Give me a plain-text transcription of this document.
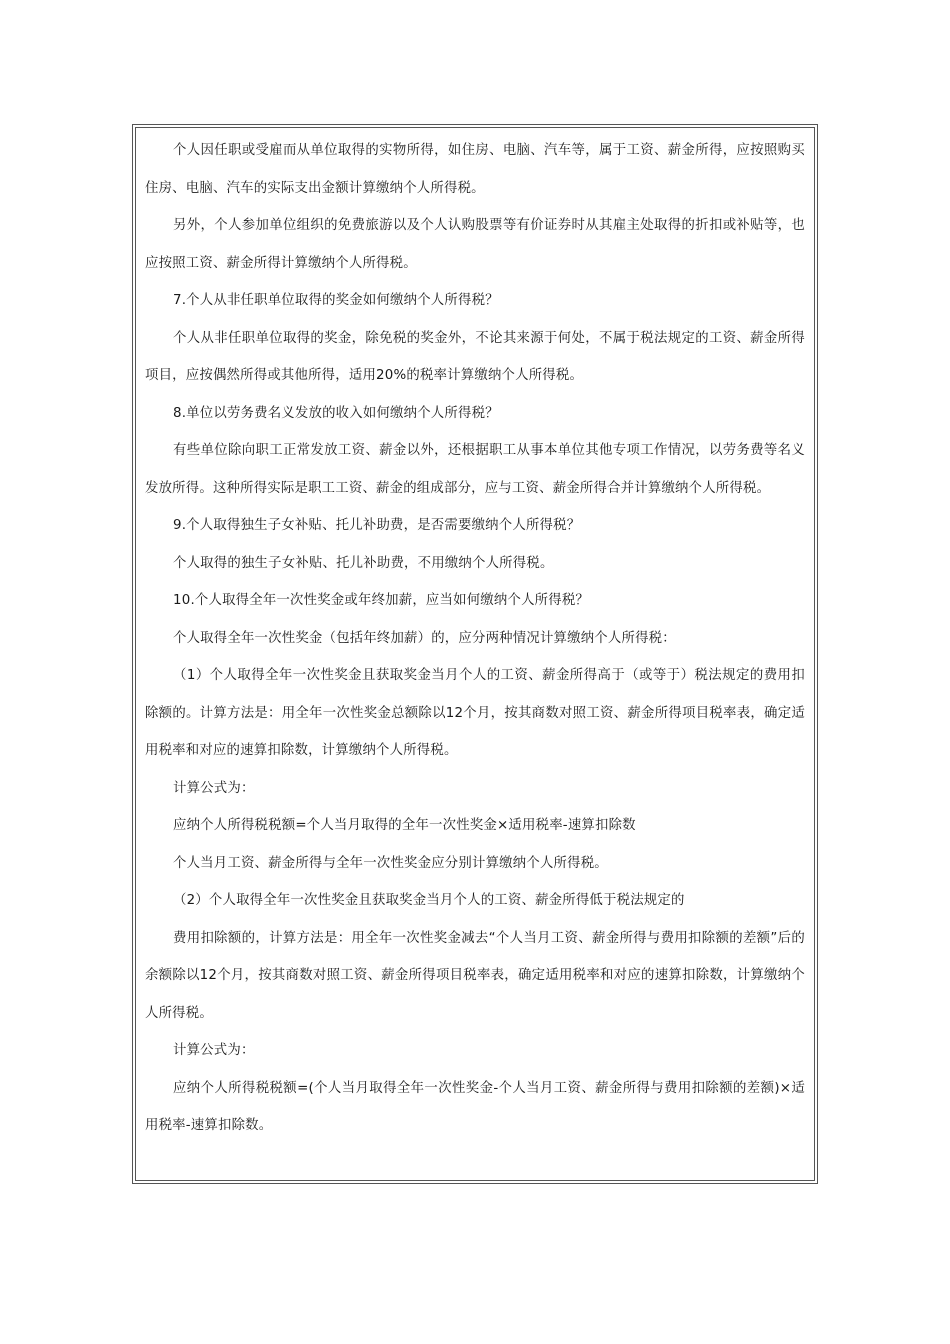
个人因任职或受雇而从单位取得的实物所得，如住房、电脑、汽车等，属于工资、薪金所得，应按照购买住房、电脑、汽车的实际支出金额计算缴纳个人所得税。

另外，个人参加单位组织的免费旅游以及个人认购股票等有价证券时从其雇主处取得的折扣或补贴等，也应按照工资、薪金所得计算缴纳个人所得税。

7.个人从非任职单位取得的奖金如何缴纳个人所得税？

个人从非任职单位取得的奖金，除免税的奖金外，不论其来源于何处，不属于税法规定的工资、薪金所得项目，应按偶然所得或其他所得，适用20%的税率计算缴纳个人所得税。

8.单位以劳务费名义发放的收入如何缴纳个人所得税？

有些单位除向职工正常发放工资、薪金以外，还根据职工从事本单位其他专项工作情况，以劳务费等名义发放所得。这种所得实际是职工工资、薪金的组成部分，应与工资、薪金所得合并计算缴纳个人所得税。

9.个人取得独生子女补贴、托儿补助费，是否需要缴纳个人所得税？

个人取得的独生子女补贴、托儿补助费，不用缴纳个人所得税。

10.个人取得全年一次性奖金或年终加薪，应当如何缴纳个人所得税？

个人取得全年一次性奖金（包括年终加薪）的，应分两种情况计算缴纳个人所得税：

（1）个人取得全年一次性奖金且获取奖金当月个人的工资、薪金所得高于（或等于）税法规定的费用扣除额的。计算方法是：用全年一次性奖金总额除以12个月，按其商数对照工资、薪金所得项目税率表，确定适用税率和对应的速算扣除数，计算缴纳个人所得税。

计算公式为：

应纳个人所得税税额=个人当月取得的全年一次性奖金×适用税率-速算扣除数

个人当月工资、薪金所得与全年一次性奖金应分别计算缴纳个人所得税。

（2）个人取得全年一次性奖金且获取奖金当月个人的工资、薪金所得低于税法规定的

费用扣除额的，计算方法是：用全年一次性奖金减去“个人当月工资、薪金所得与费用扣除额的差额”后的余额除以12个月，按其商数对照工资、薪金所得项目税率表，确定适用税率和对应的速算扣除数，计算缴纳个人所得税。

计算公式为：

应纳个人所得税税额=(个人当月取得全年一次性奖金-个人当月工资、薪金所得与费用扣除额的差额)×适用税率-速算扣除数。
